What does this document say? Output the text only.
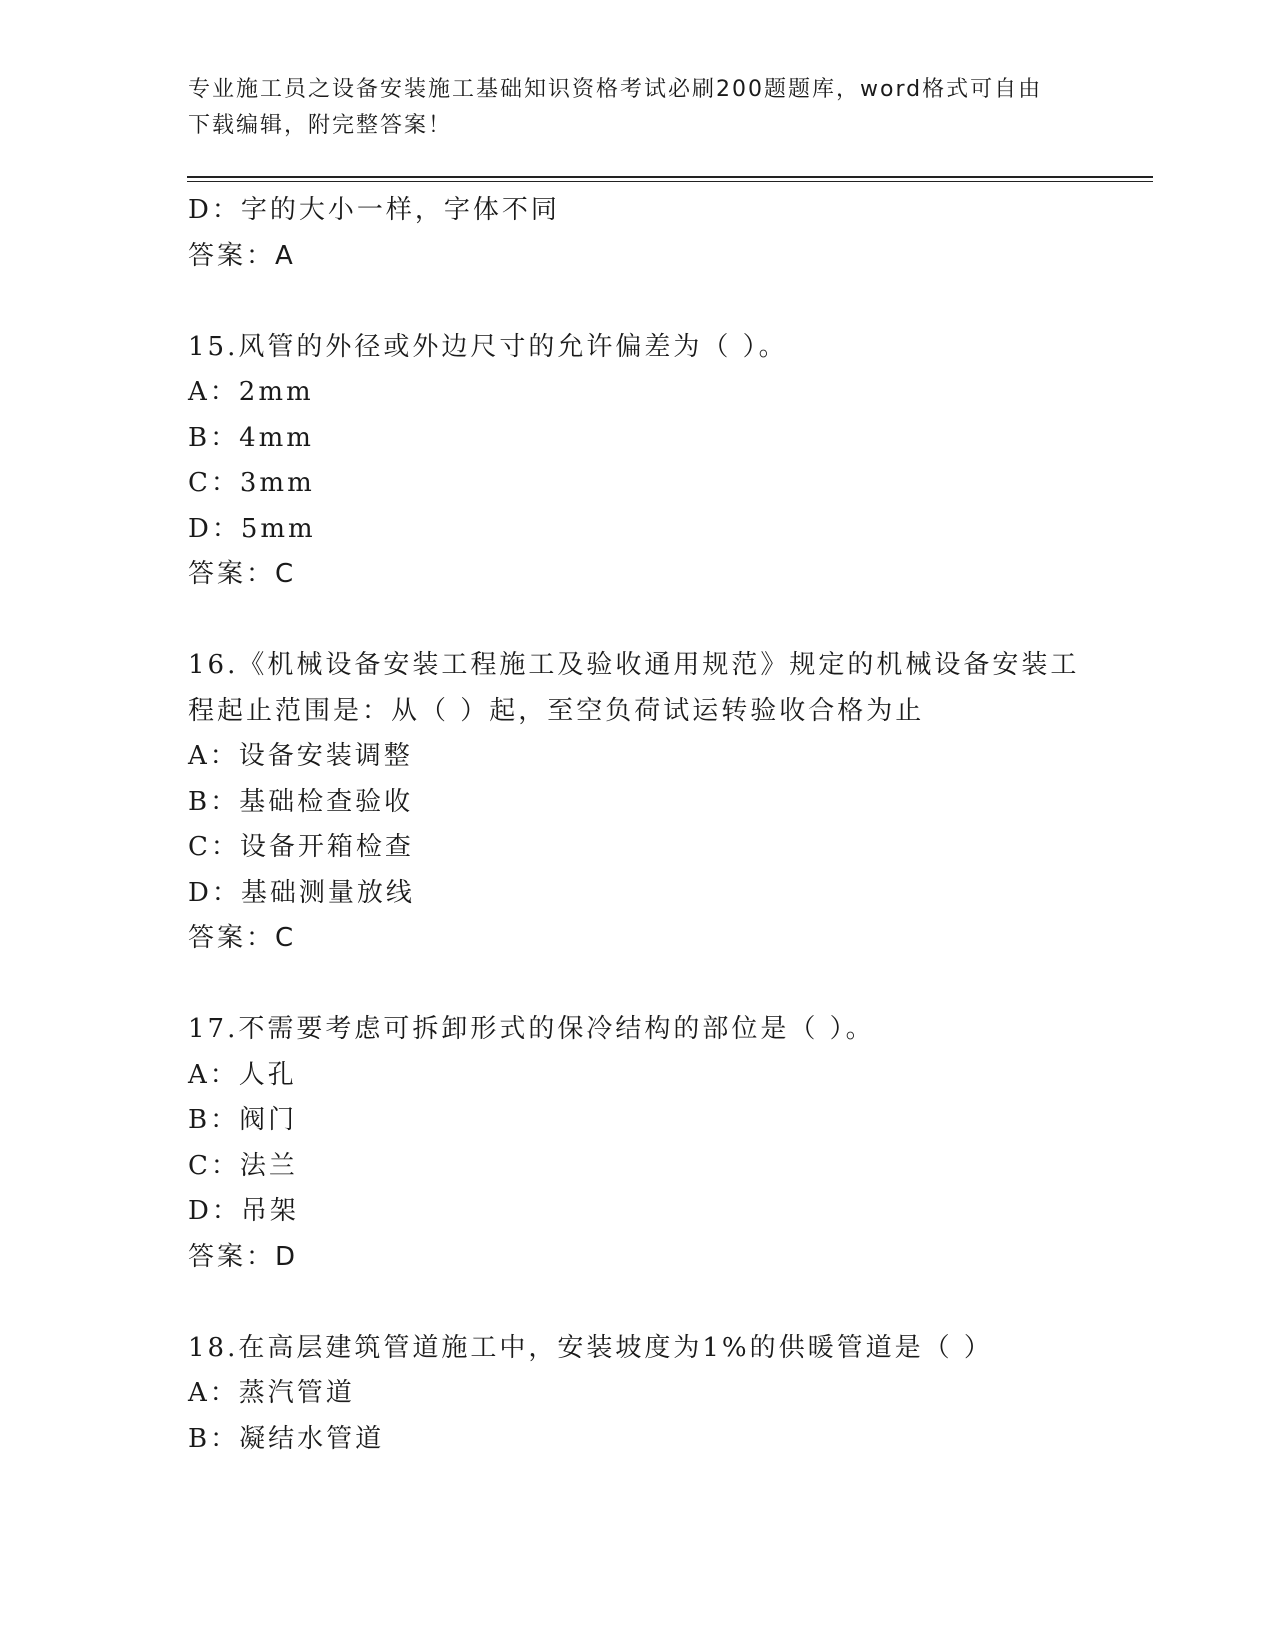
专业施工员之设备安装施工基础知识资格考试必刷200题题库，word格式可自由
下载编辑，附完整答案！
D：字的大小一样，字体不同
答案：A
15.风管的外径或外边尺寸的允许偏差为（ ）。
A：2mm
B：4mm
C：3mm
D：5mm
答案：C
16.《机械设备安装工程施工及验收通用规范》规定的机械设备安装工
程起止范围是：从（ ）起，至空负荷试运转验收合格为止
A：设备安装调整
B：基础检查验收
C：设备开箱检查
D：基础测量放线
答案：C
17.不需要考虑可拆卸形式的保冷结构的部位是（ ）。
A：人孔
B：阀门
C：法兰
D：吊架
答案：D
18.在高层建筑管道施工中，安装坡度为1%的供暖管道是（ ）
A：蒸汽管道
B：凝结水管道
